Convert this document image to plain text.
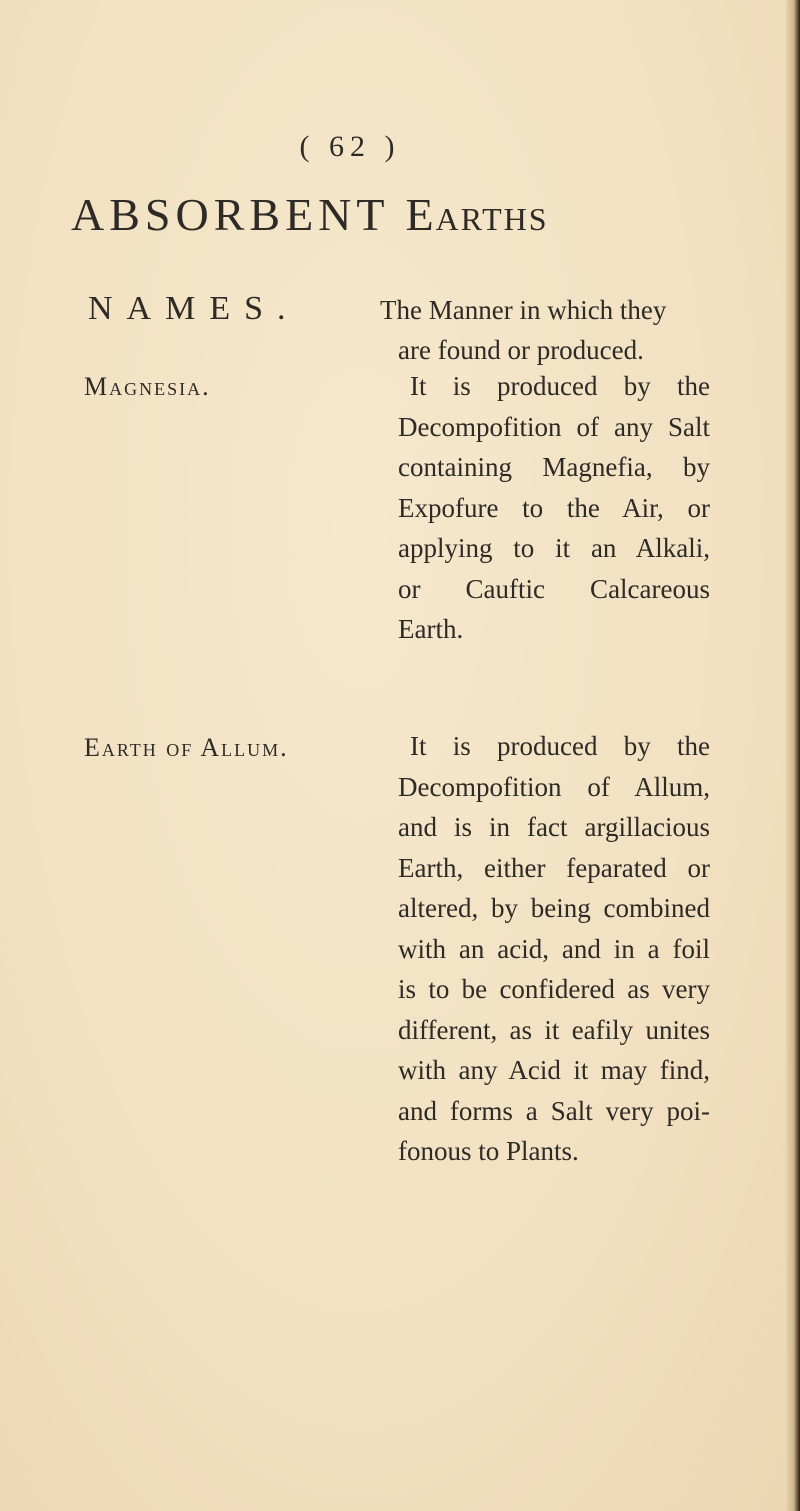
( 62 )
ABSORBENT Earths
NAMES.	The Manner in which they
are found or produced.
Magnesia.	It is produced by the
Decompofition of any Salt
containing Magnefia, by
Expofure to the Air, or
applying to it an Alkali,
or Cauftic Calcareous
Earth.
Earth of Allum.	It is produced by the
Decompofition of Allum,
and is in fact argillacious
Earth, either feparated or
altered, by being combined
with an acid, and in a foil
is to be confidered as very
different, as it eafily unites
with any Acid it may find,
and forms a Salt very poi-
fonous to Plants.
